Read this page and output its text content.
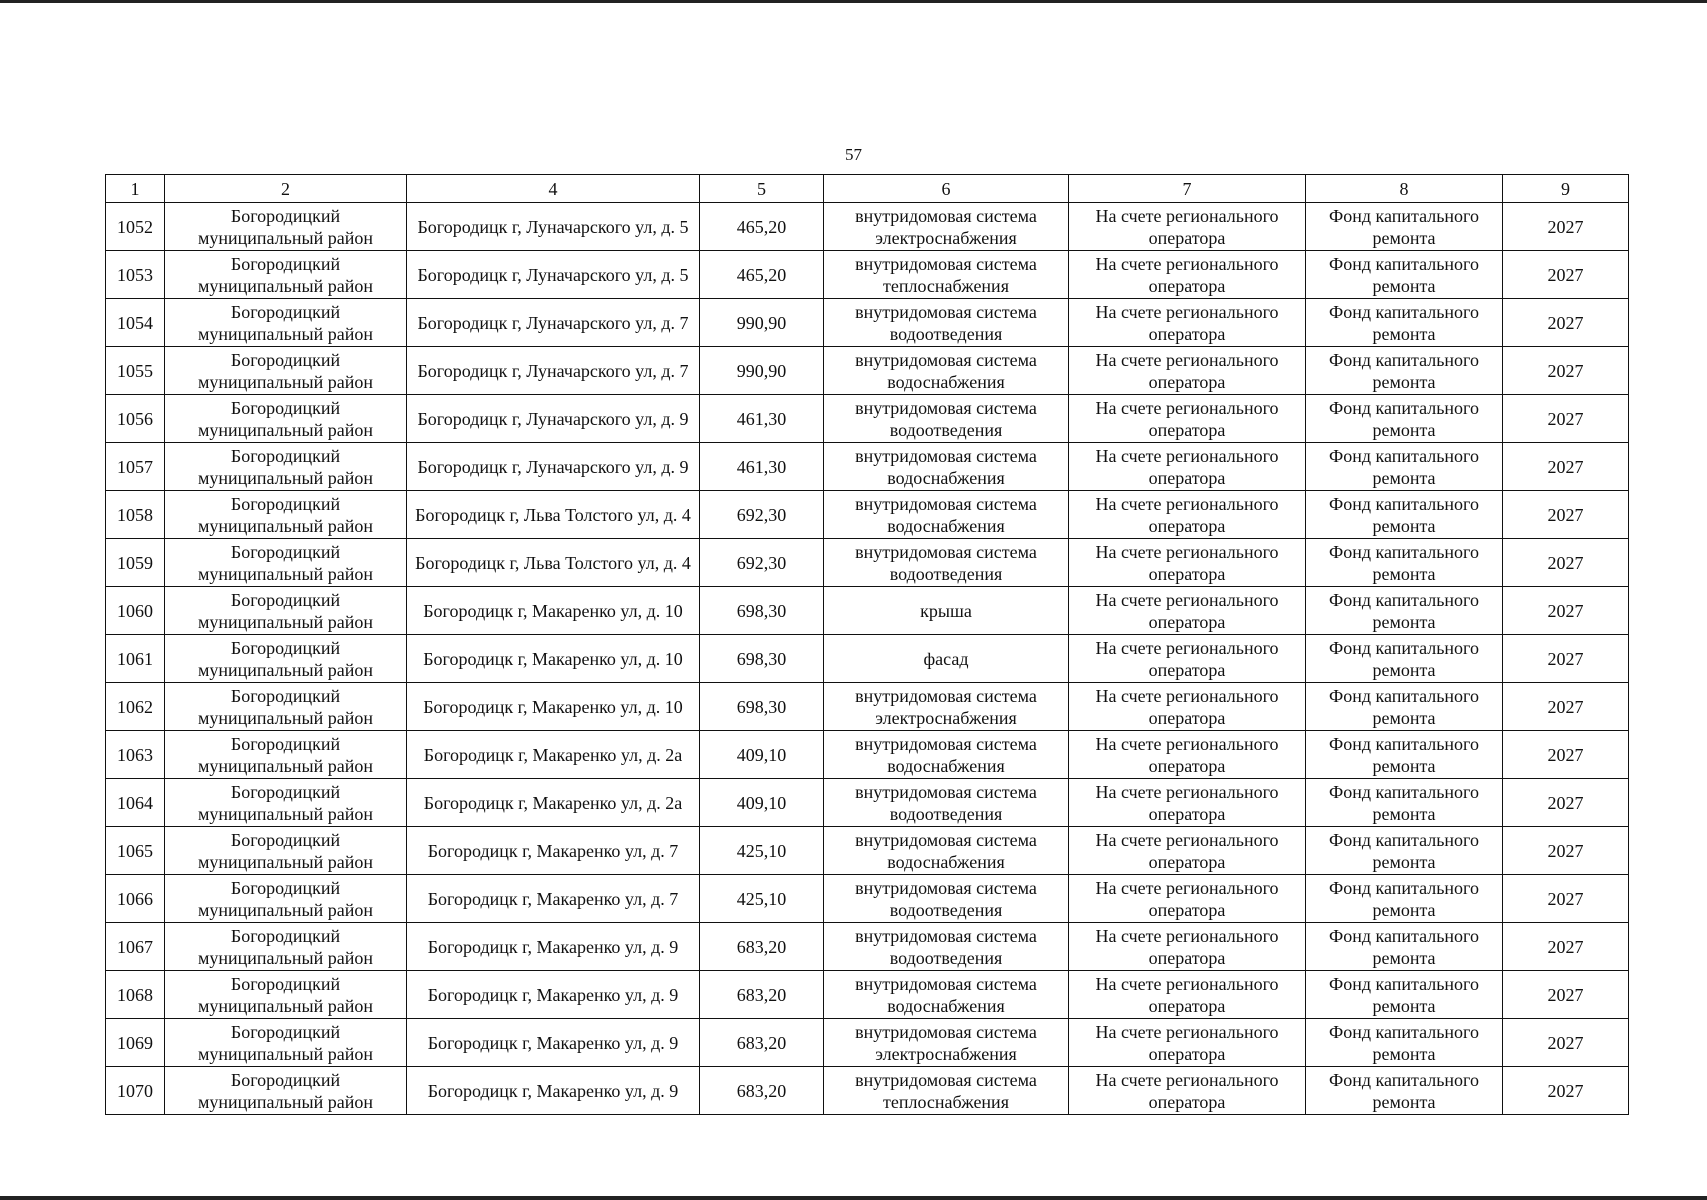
57
1	2	4	5	6	7	8	9
1052	Богородицкий муниципальный район	Богородицк г, Луначарского ул, д. 5	465,20	внутридомовая система электроснабжения	На счете регионального оператора	Фонд капитального ремонта	2027
1053	Богородицкий муниципальный район	Богородицк г, Луначарского ул, д. 5	465,20	внутридомовая система теплоснабжения	На счете регионального оператора	Фонд капитального ремонта	2027
1054	Богородицкий муниципальный район	Богородицк г, Луначарского ул, д. 7	990,90	внутридомовая система водоотведения	На счете регионального оператора	Фонд капитального ремонта	2027
1055	Богородицкий муниципальный район	Богородицк г, Луначарского ул, д. 7	990,90	внутридомовая система водоснабжения	На счете регионального оператора	Фонд капитального ремонта	2027
1056	Богородицкий муниципальный район	Богородицк г, Луначарского ул, д. 9	461,30	внутридомовая система водоотведения	На счете регионального оператора	Фонд капитального ремонта	2027
1057	Богородицкий муниципальный район	Богородицк г, Луначарского ул, д. 9	461,30	внутридомовая система водоснабжения	На счете регионального оператора	Фонд капитального ремонта	2027
1058	Богородицкий муниципальный район	Богородицк г, Льва Толстого ул, д. 4	692,30	внутридомовая система водоснабжения	На счете регионального оператора	Фонд капитального ремонта	2027
1059	Богородицкий муниципальный район	Богородицк г, Льва Толстого ул, д. 4	692,30	внутридомовая система водоотведения	На счете регионального оператора	Фонд капитального ремонта	2027
1060	Богородицкий муниципальный район	Богородицк г, Макаренко ул, д. 10	698,30	крыша	На счете регионального оператора	Фонд капитального ремонта	2027
1061	Богородицкий муниципальный район	Богородицк г, Макаренко ул, д. 10	698,30	фасад	На счете регионального оператора	Фонд капитального ремонта	2027
1062	Богородицкий муниципальный район	Богородицк г, Макаренко ул, д. 10	698,30	внутридомовая система электроснабжения	На счете регионального оператора	Фонд капитального ремонта	2027
1063	Богородицкий муниципальный район	Богородицк г, Макаренко ул, д. 2а	409,10	внутридомовая система водоснабжения	На счете регионального оператора	Фонд капитального ремонта	2027
1064	Богородицкий муниципальный район	Богородицк г, Макаренко ул, д. 2а	409,10	внутридомовая система водоотведения	На счете регионального оператора	Фонд капитального ремонта	2027
1065	Богородицкий муниципальный район	Богородицк г, Макаренко ул, д. 7	425,10	внутридомовая система водоснабжения	На счете регионального оператора	Фонд капитального ремонта	2027
1066	Богородицкий муниципальный район	Богородицк г, Макаренко ул, д. 7	425,10	внутридомовая система водоотведения	На счете регионального оператора	Фонд капитального ремонта	2027
1067	Богородицкий муниципальный район	Богородицк г, Макаренко ул, д. 9	683,20	внутридомовая система водоотведения	На счете регионального оператора	Фонд капитального ремонта	2027
1068	Богородицкий муниципальный район	Богородицк г, Макаренко ул, д. 9	683,20	внутридомовая система водоснабжения	На счете регионального оператора	Фонд капитального ремонта	2027
1069	Богородицкий муниципальный район	Богородицк г, Макаренко ул, д. 9	683,20	внутридомовая система электроснабжения	На счете регионального оператора	Фонд капитального ремонта	2027
1070	Богородицкий муниципальный район	Богородицк г, Макаренко ул, д. 9	683,20	внутридомовая система теплоснабжения	На счете регионального оператора	Фонд капитального ремонта	2027
